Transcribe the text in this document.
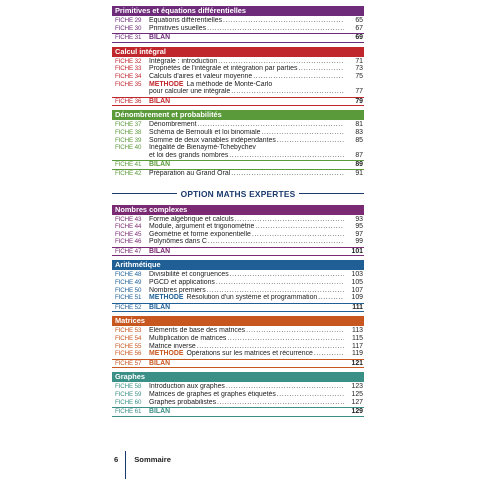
Primitives et équations différentielles
FICHE 29	Équations différentielles .....	65
FICHE 30	Primitives usuelles .....	67
FICHE 31	BILAN	69
Calcul intégral
FICHE 32	Intégrale : introduction .....	71
FICHE 33	Propriétés de l'intégrale et intégration par parties .....	73
FICHE 34	Calculs d'aires et valeur moyenne .....	75
FICHE 35	MÉTHODE La méthode de Monte-Carlo
pour calculer une intégrale .....	77
FICHE 36	BILAN	79
Dénombrement et probabilités
FICHE 37	Dénombrement .....	81
FICHE 38	Schéma de Bernoulli et loi binomiale .....	83
FICHE 39	Somme de deux variables indépendantes .....	85
FICHE 40	Inégalité de Bienaymé-Tchebychev
et loi des grands nombres .....	87
FICHE 41	BILAN	89
FICHE 42	Préparation au Grand Oral .....	91
OPTION MATHS EXPERTES
Nombres complexes
FICHE 43	Forme algébrique et calculs .....	93
FICHE 44	Module, argument et trigonométrie .....	95
FICHE 45	Géométrie et forme exponentielle .....	97
FICHE 46	Polynômes dans C .....	99
FICHE 47	BILAN	101
Arithmétique
FICHE 48	Divisibilité et congruences .....	103
FICHE 49	PGCD et applications .....	105
FICHE 50	Nombres premiers .....	107
FICHE 51	MÉTHODE Résolution d'un système et programmation .....	109
FICHE 52	BILAN	111
Matrices
FICHE 53	Éléments de base des matrices .....	113
FICHE 54	Multiplication de matrices .....	115
FICHE 55	Matrice inverse .....	117
FICHE 56	MÉTHODE Opérations sur les matrices et récurrence .....	119
FICHE 57	BILAN	121
Graphes
FICHE 58	Introduction aux graphes .....	123
FICHE 59	Matrices de graphes et graphes étiquetés .....	125
FICHE 60	Graphes probabilistes .....	127
FICHE 61	BILAN	129
6 Sommaire
